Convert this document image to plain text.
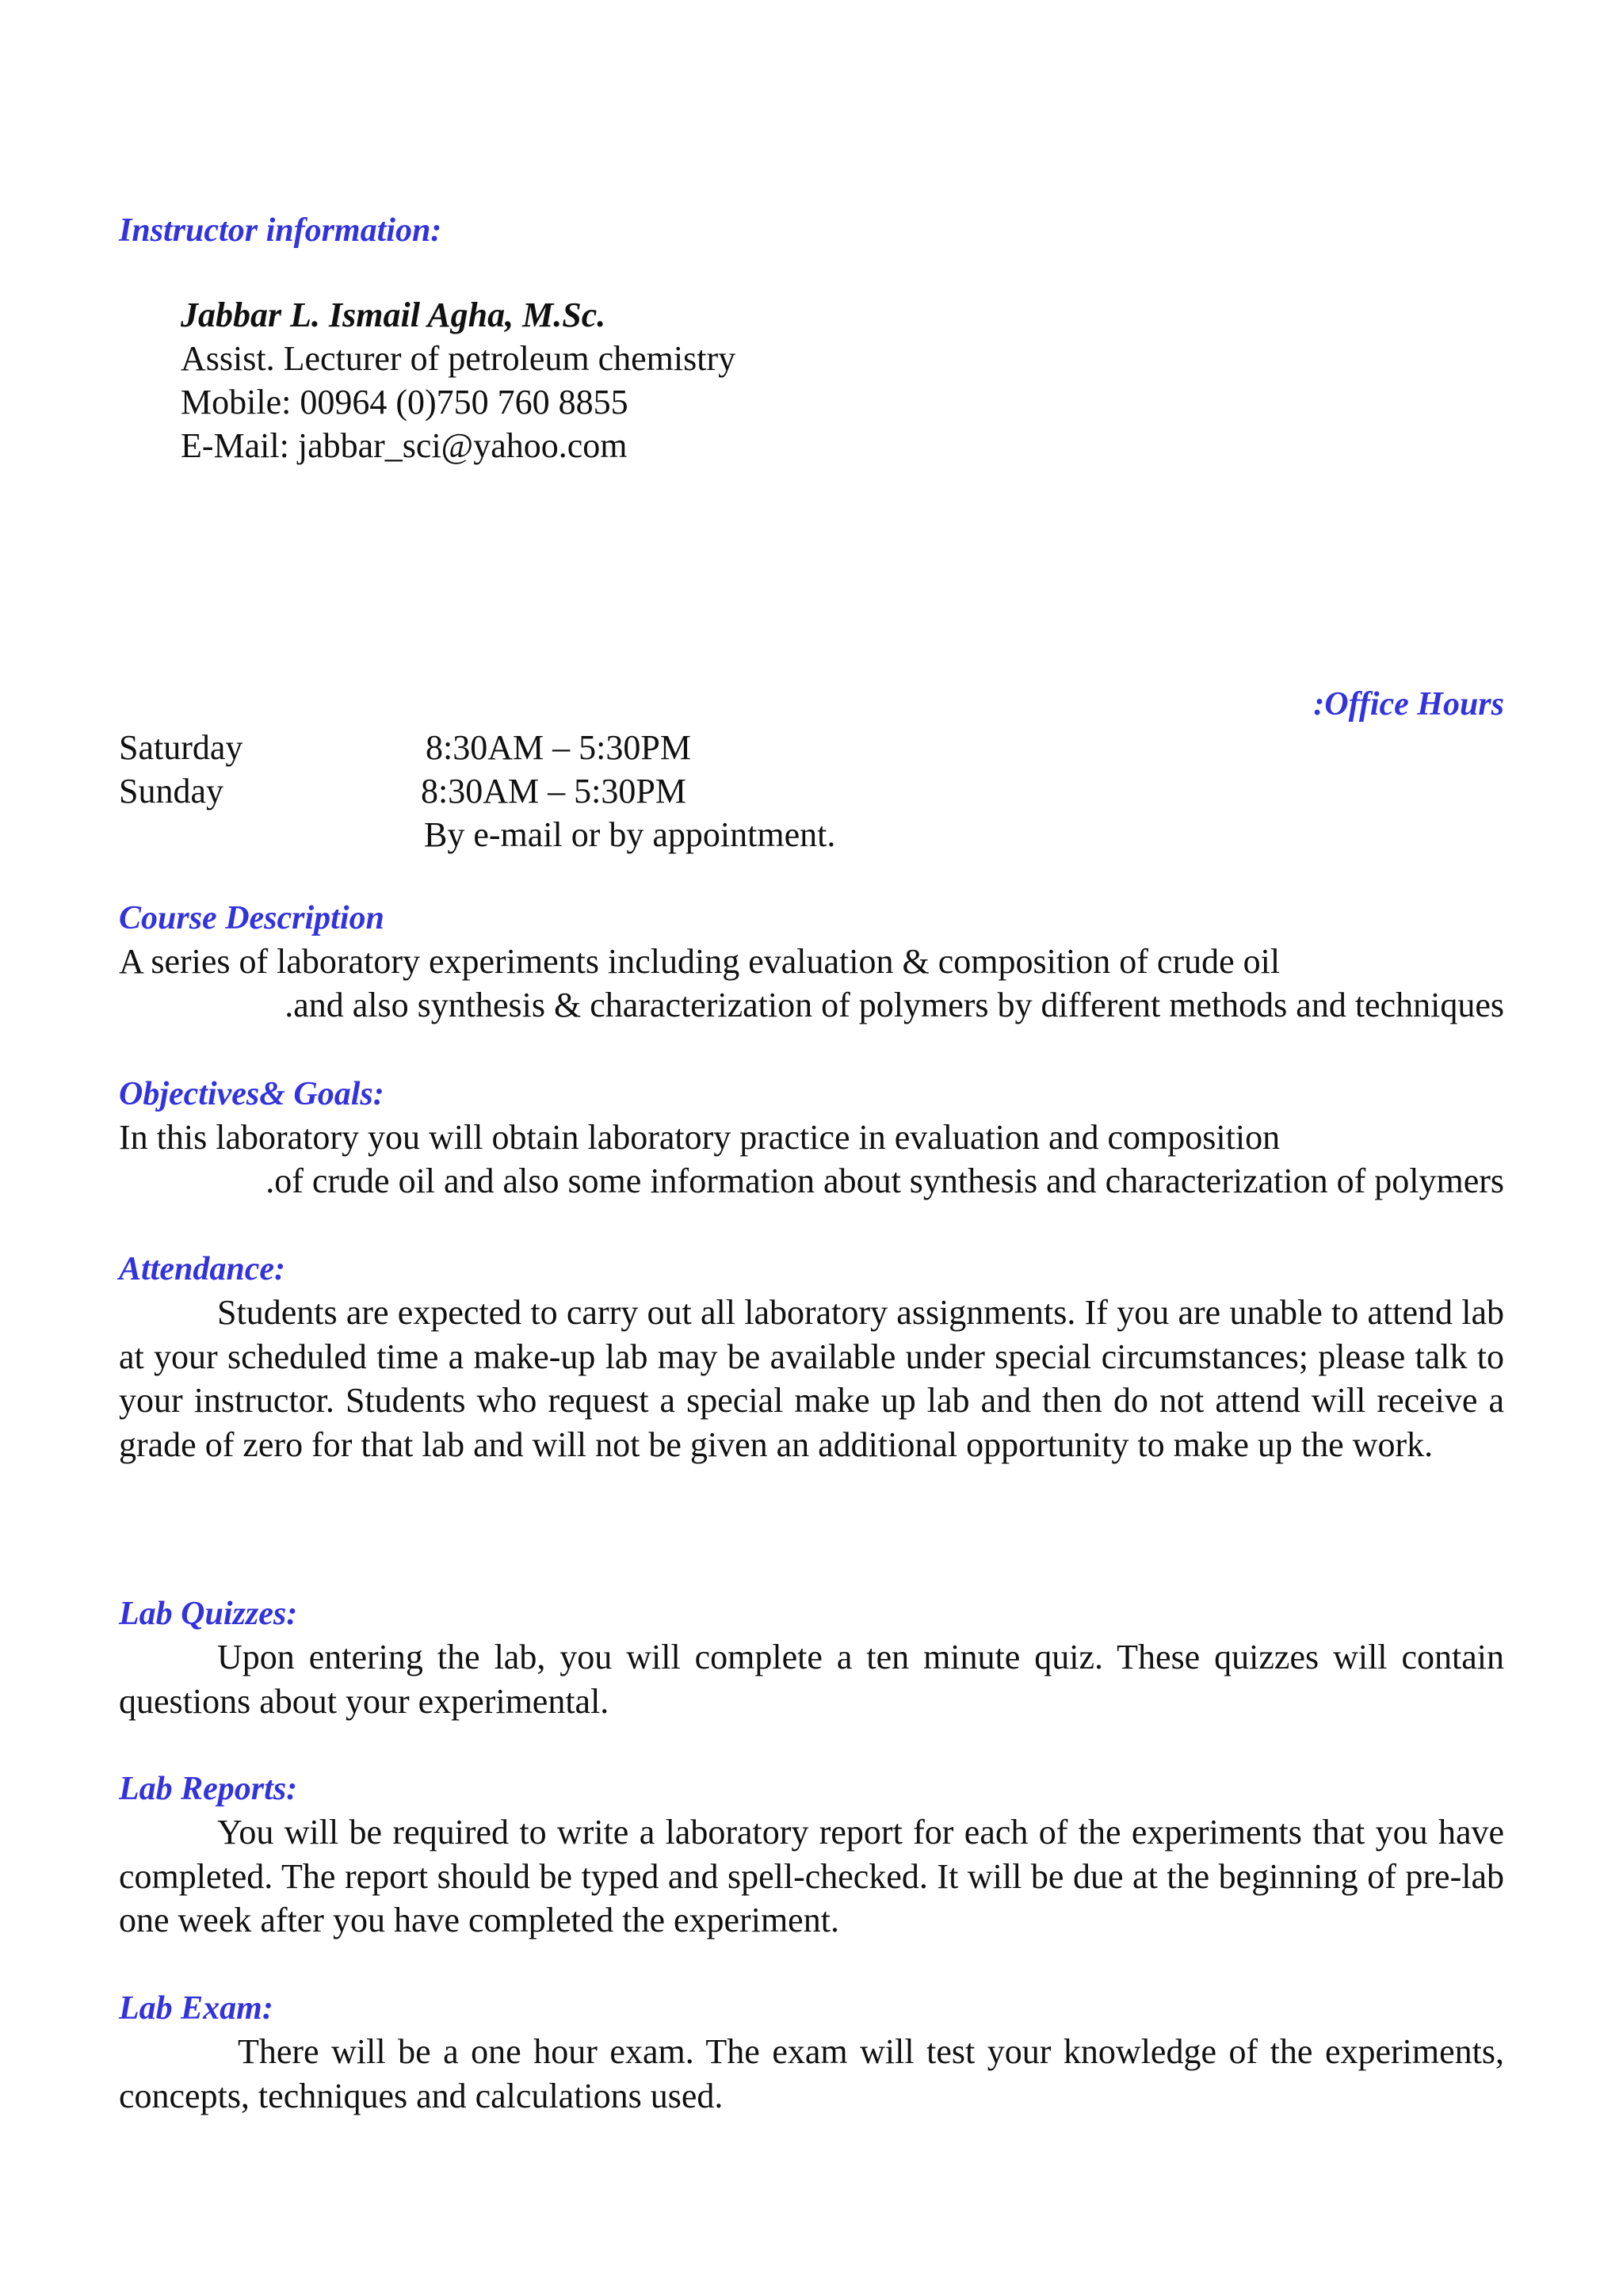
Instructor information:
Jabbar L. Ismail Agha, M.Sc.
Assist. Lecturer of petroleum chemistry
Mobile: 00964 (0)750 760 8855
E-Mail: jabbar_sci@yahoo.com
:Office Hours
Saturday	8:30AM – 5:30PM
Sunday	8:30AM – 5:30PM
By e-mail or by appointment.
Course Description
A series of laboratory experiments including evaluation & composition of crude oil
.and also synthesis & characterization of polymers by different methods and techniques
Objectives& Goals:
In this laboratory you will obtain laboratory practice in evaluation and composition
.of crude oil and also some information about synthesis and characterization of polymers
Attendance:
Students are expected to carry out all laboratory assignments. If you are unable to attend lab at your scheduled time a make-up lab may be available under special circumstances; please talk to your instructor. Students who request a special make up lab and then do not attend will receive a grade of zero for that lab and will not be given an additional opportunity to make up the work.
Lab Quizzes:
Upon entering the lab, you will complete a ten minute quiz. These quizzes will contain questions about your experimental.
Lab Reports:
You will be required to write a laboratory report for each of the experiments that you have completed. The report should be typed and spell-checked. It will be due at the beginning of pre-lab one week after you have completed the experiment.
Lab Exam:
There will be a one hour exam. The exam will test your knowledge of the experiments, concepts, techniques and calculations used.
